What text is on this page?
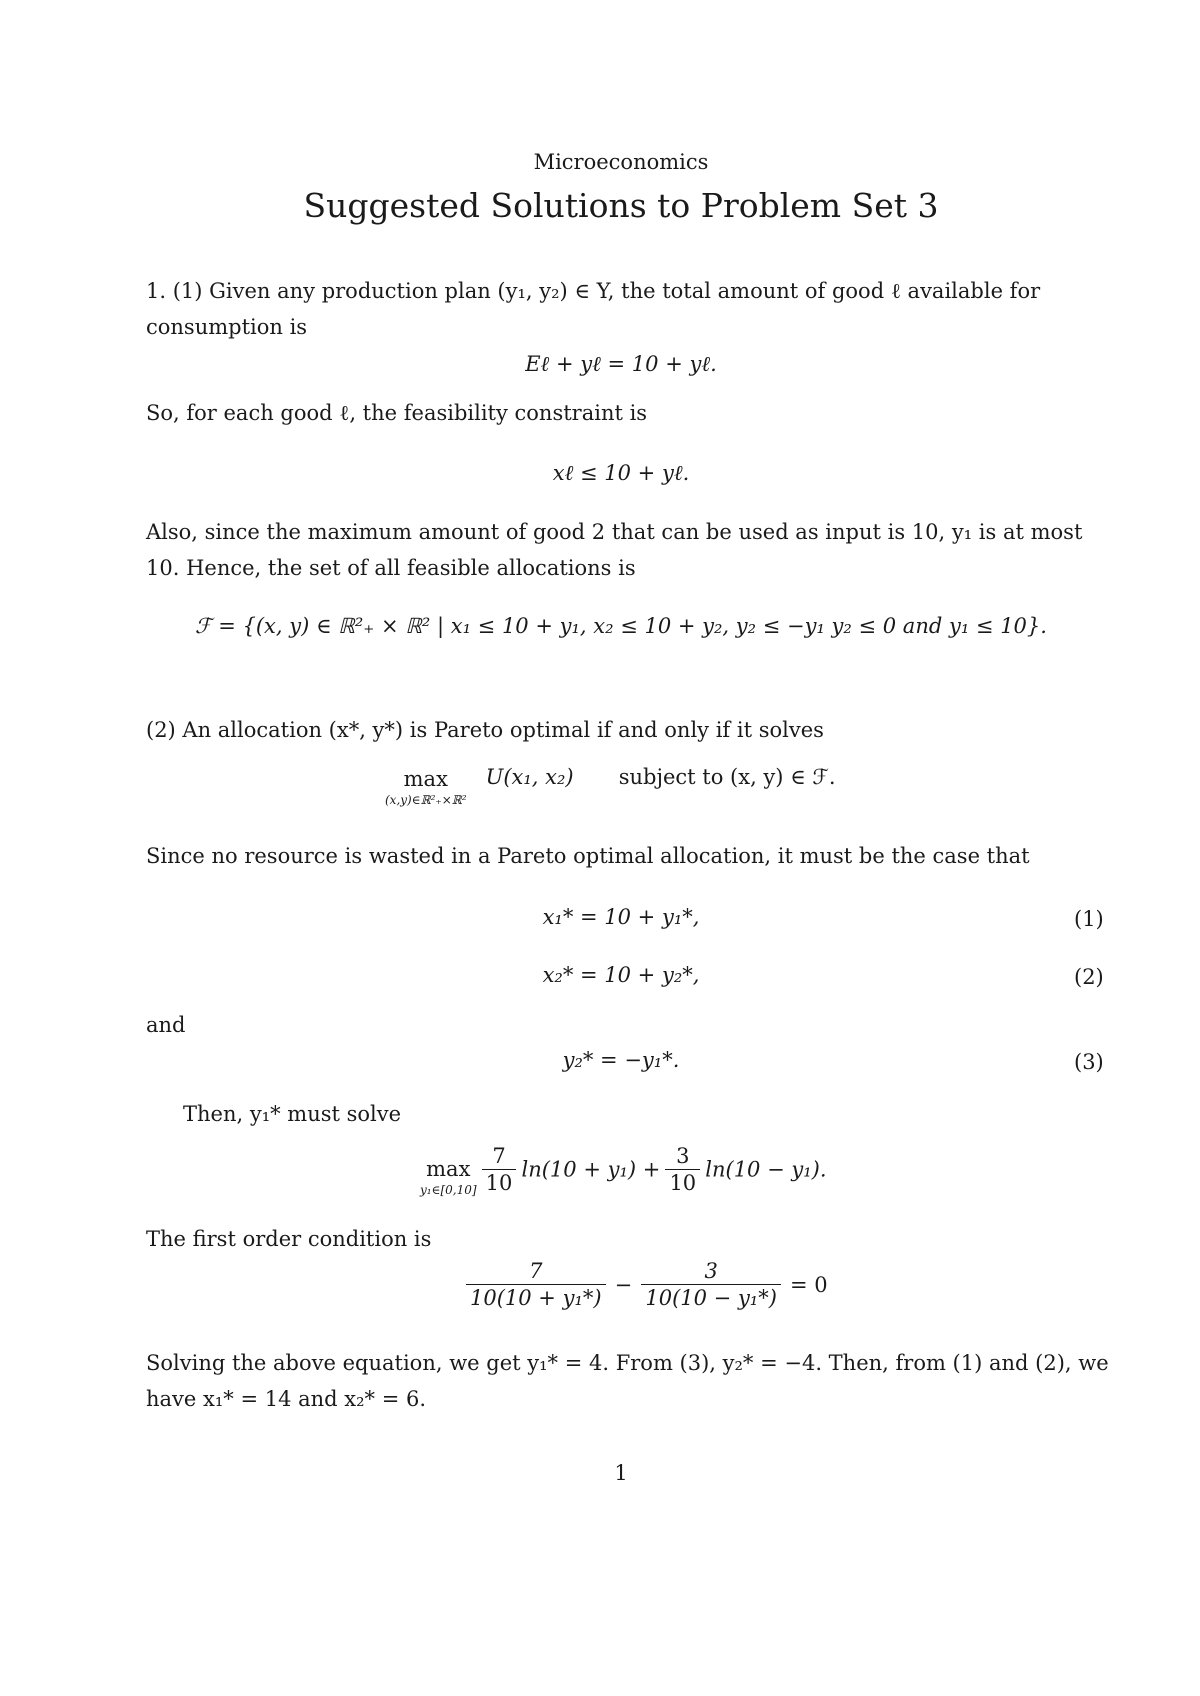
Microeconomics
Suggested Solutions to Problem Set 3
1. (1) Given any production plan (y₁, y₂) ∈ Y, the total amount of good ℓ available for
consumption is
Eℓ + yℓ = 10 + yℓ.
So, for each good ℓ, the feasibility constraint is
xℓ ≤ 10 + yℓ.
Also, since the maximum amount of good 2 that can be used as input is 10, y₁ is at most
10. Hence, the set of all feasible allocations is
ℱ = {(x, y) ∈ ℝ²₊ × ℝ² | x₁ ≤ 10 + y₁, x₂ ≤ 10 + y₂, y₂ ≤ −y₁ y₂ ≤ 0 and y₁ ≤ 10}.
(2) An allocation (x*, y*) is Pareto optimal if and only if it solves
max
(x,y)∈ℝ²₊×ℝ²
U(x₁, x₂) subject to (x, y) ∈ ℱ.
Since no resource is wasted in a Pareto optimal allocation, it must be the case that
x₁* = 10 + y₁*,	(1)
x₂* = 10 + y₂*,	(2)
and
y₂* = −y₁*.	(3)
Then, y₁* must solve
max
y₁∈[0,10]
$\frac{7}{10} \ln(10 + y_1) + \frac{3}{10} \ln(10 - y_1)$.
The first order condition is
$\frac{7}{\text{10(10 + y₁*)}} - \frac{3}{\text{10(10 − y₁*)}} = 0$
Solving the above equation, we get y₁* = 4. From (3), y₂* = −4. Then, from (1) and (2), we
have x₁* = 14 and x₂* = 6.
1
